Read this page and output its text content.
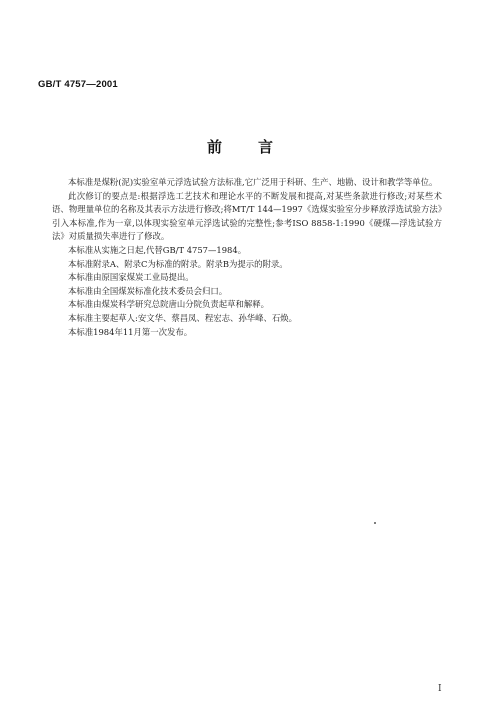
GB/T 4757—2001
前言

本标准是煤粉(泥)实验室单元浮选试验方法标准,它广泛用于科研、生产、地勘、设计和教学等单位。

此次修订的要点是:根据浮选工艺技术和理论水平的不断发展和提高,对某些条款进行修改;对某些术语、物理量单位的名称及其表示方法进行修改;将MT/T 144—1997《选煤实验室分步释放浮选试验方法》引入本标准,作为一章,以体现实验室单元浮选试验的完整性;参考ISO 8858-1:1990《硬煤—浮选试验方法》对质量损失率进行了修改。

本标准从实施之日起,代替GB/T 4757—1984。

本标准附录A、附录C为标准的附录。附录B为提示的附录。

本标准由原国家煤炭工业局提出。

本标准由全国煤炭标准化技术委员会归口。

本标准由煤炭科学研究总院唐山分院负责起草和解释。

本标准主要起草人:安文华、蔡昌凤、程宏志、孙华峰、石焕。

本标准1984年11月第一次发布。

I
